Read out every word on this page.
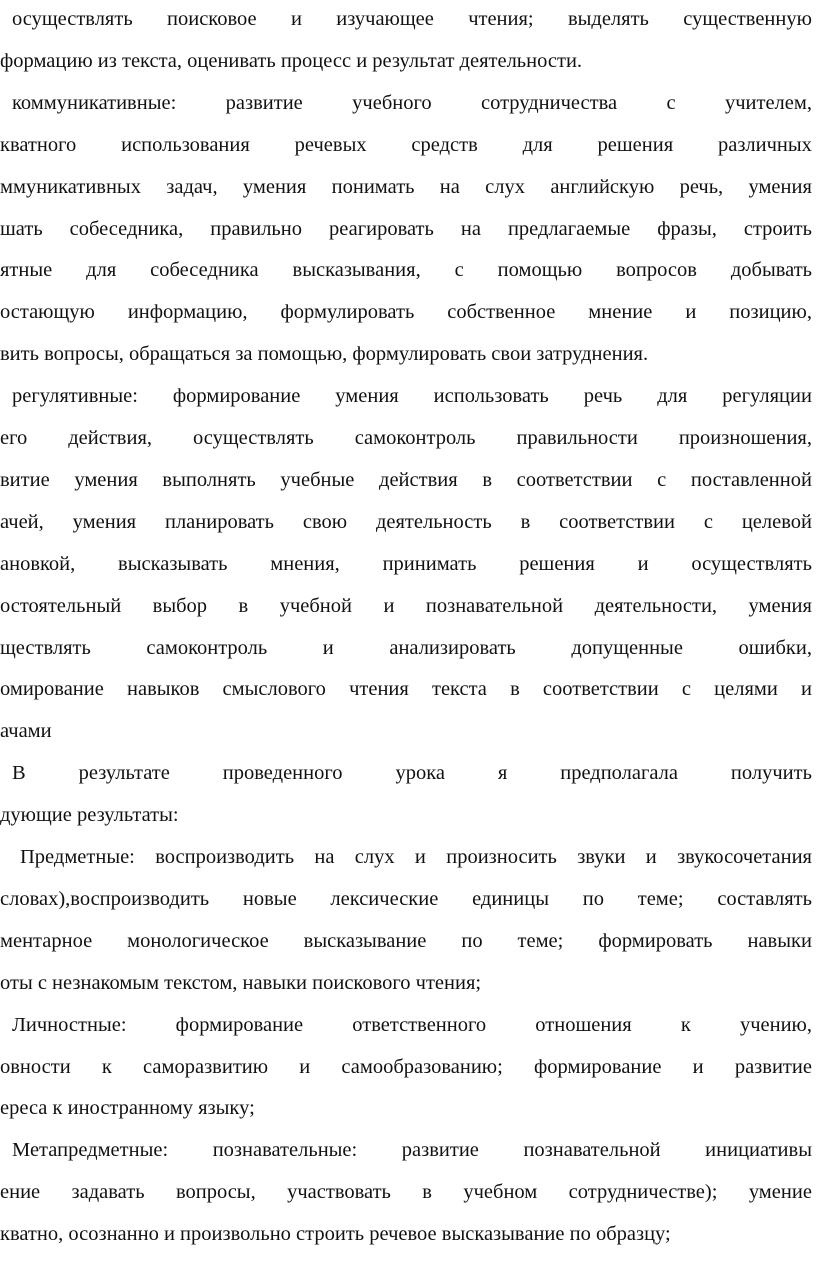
осуществлять поисковое и изучающее чтения; выделять существенную
формацию из текста, оценивать процесс и результат деятельности.
коммуникативные: развитие учебного сотрудничества с учителем,
кватного использования речевых средств для решения различных
ммуникативных задач, умения понимать на слух английскую речь, умения
шать собеседника, правильно реагировать на предлагаемые фразы, строить
ятные для собеседника высказывания, с помощью вопросов добывать
остающую информацию, формулировать собственное мнение и позицию,
вить вопросы, обращаться за помощью, формулировать свои затруднения.
регулятивные: формирование умения использовать речь для регуляции
его действия, осуществлять самоконтроль правильности произношения,
витие умения выполнять учебные действия в соответствии с поставленной
ачей, умения планировать свою деятельность в соответствии с целевой
ановкой, высказывать мнения, принимать решения и осуществлять
остоятельный выбор в учебной и познавательной деятельности, умения
ществлять	самоконтроль	и	анализировать	допущенные	ошибки,
омирование навыков смыслового чтения текста в соответствии с целями и
ачами
В	результате	проведенного	урока	я	предполагала	получить
дующие результаты:
Предметные: воспроизводить на слух и произносить звуки и звукосочетания
словах),воспроизводить новые лексические единицы по теме; составлять
ментарное монологическое высказывание по теме; формировать навыки
оты с незнакомым текстом, навыки поискового чтения;
Личностные: формирование ответственного отношения к учению,
овности к саморазвитию и самообразованию; формирование и развитие
ереса к иностранному языку;
Метапредметные: познавательные: развитие познавательной инициативы
ение задавать вопросы, участвовать в учебном сотрудничестве); умение
кватно, осознанно и произвольно строить речевое высказывание по образцу;
